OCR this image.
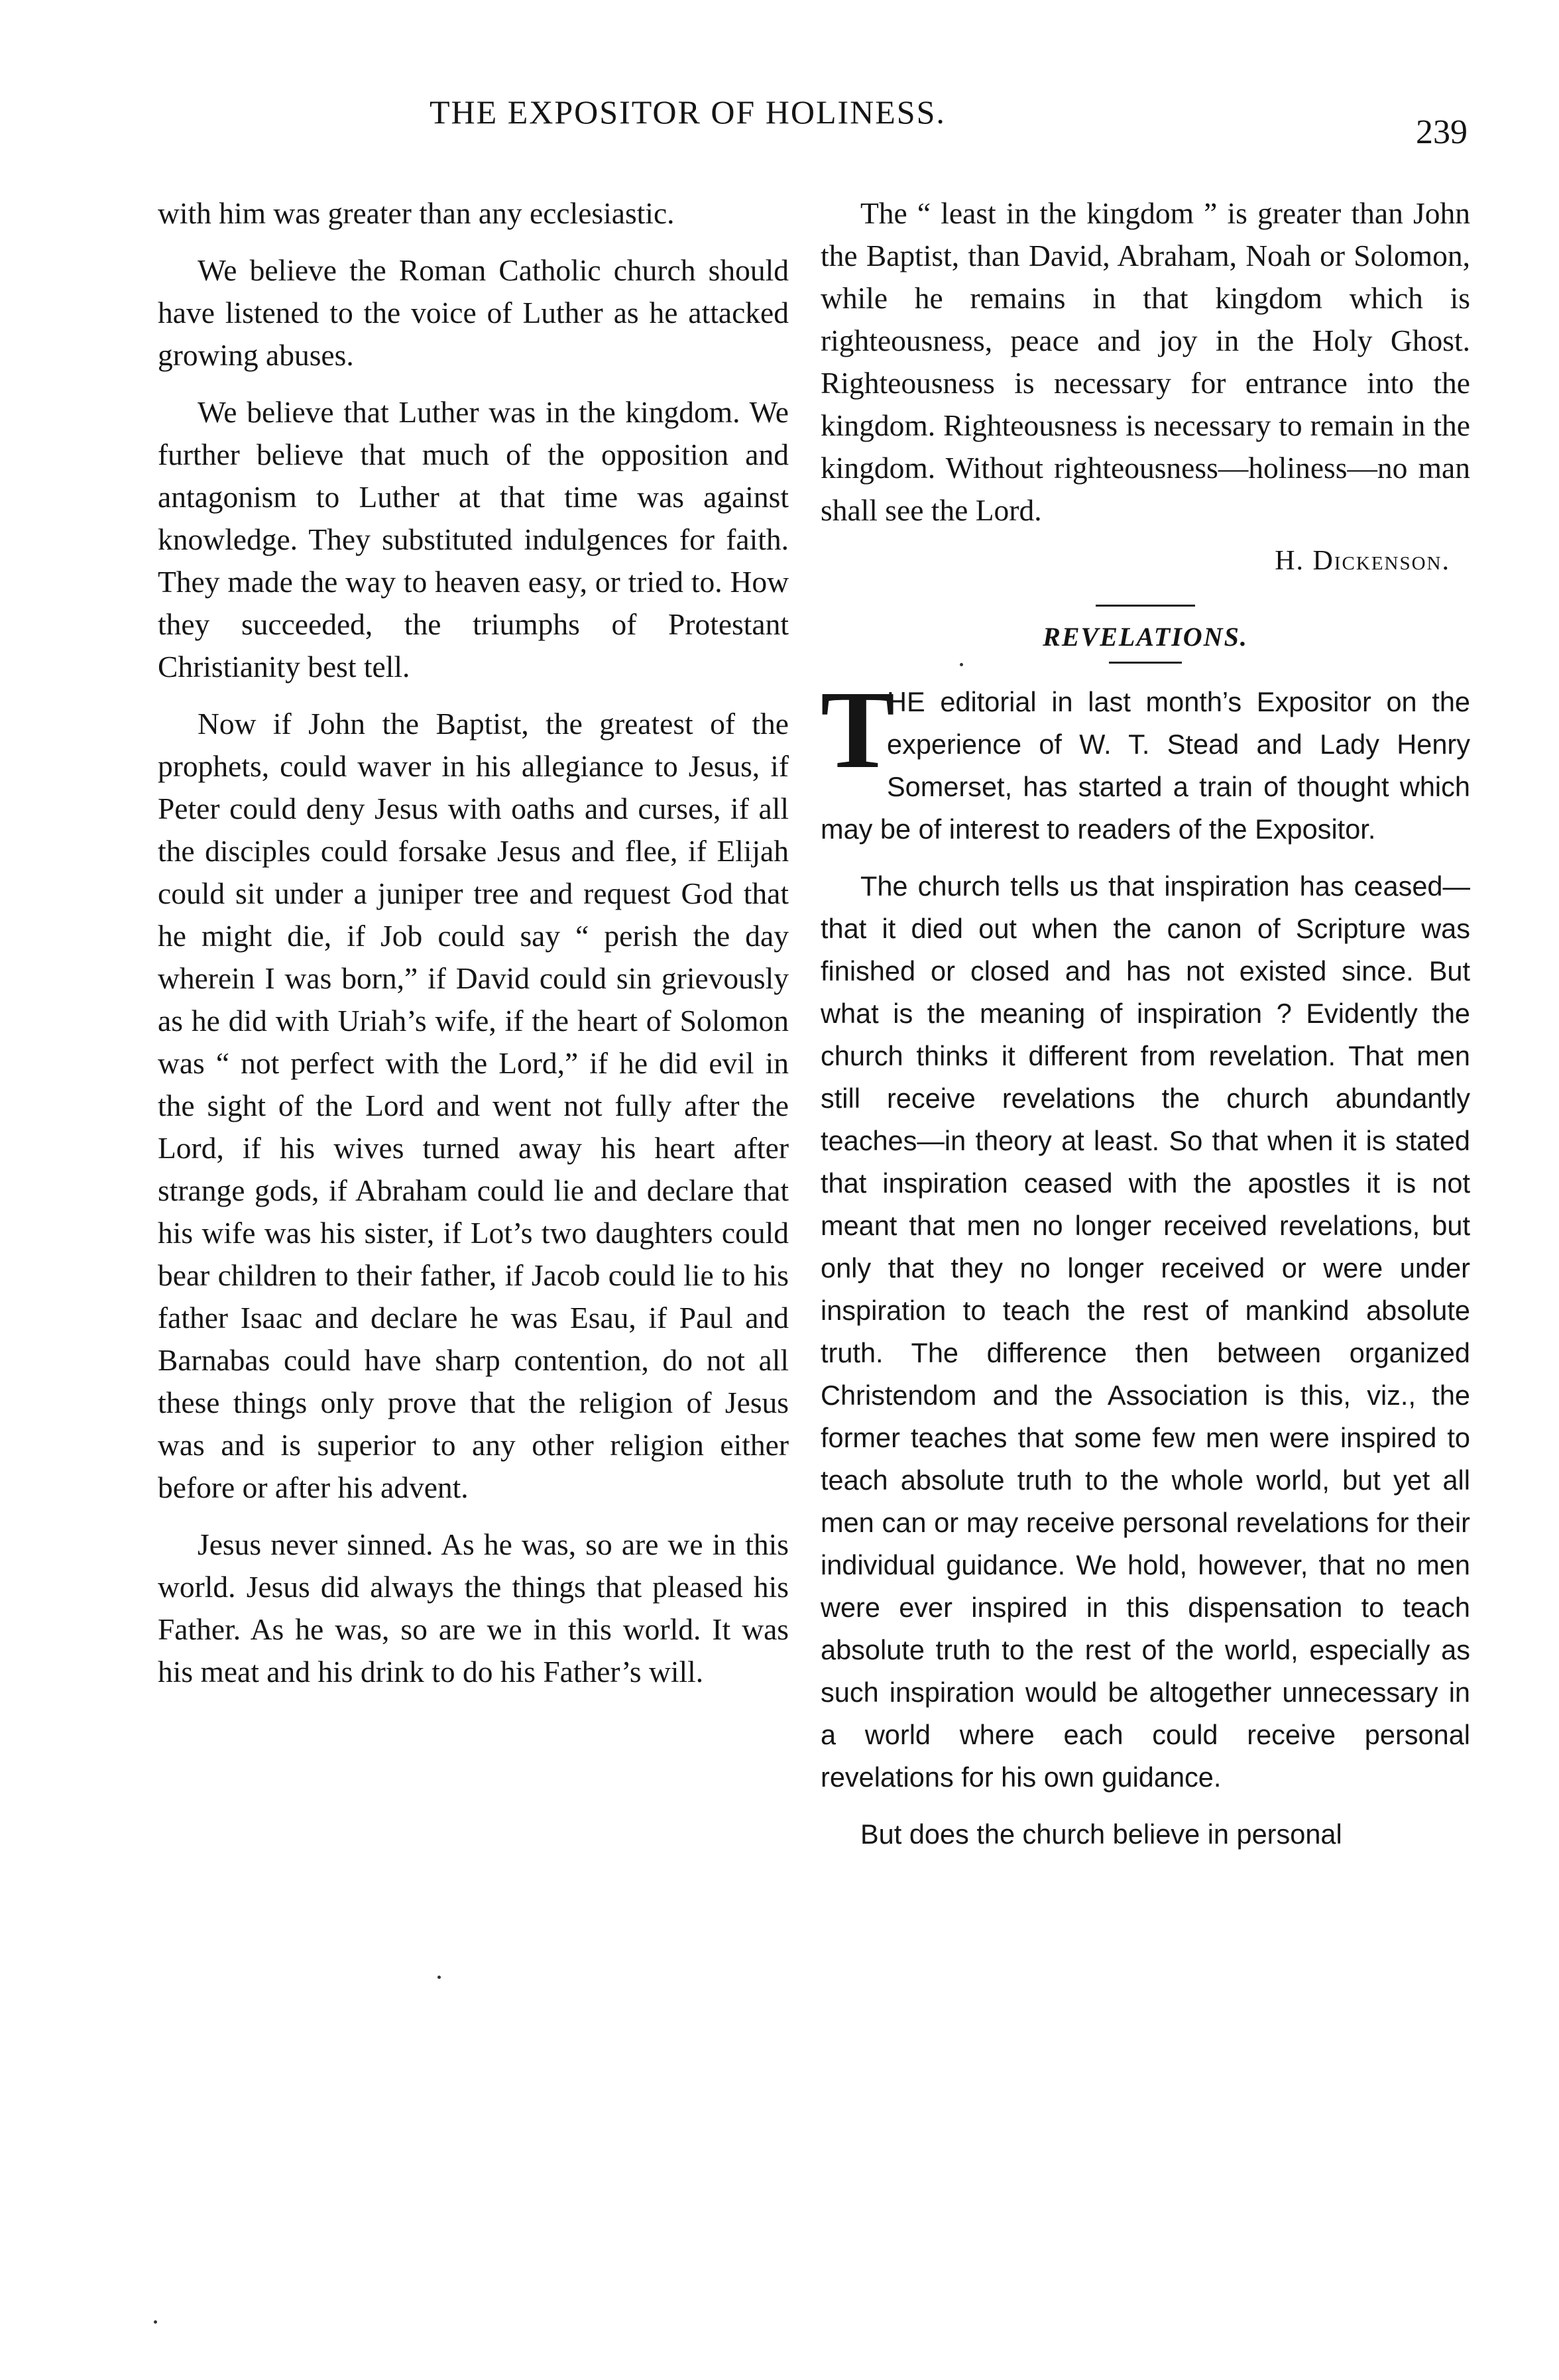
THE EXPOSITOR OF HOLINESS.
239

with him was greater than any ecclesiastic.

We believe the Roman Catholic church should have listened to the voice of Luther as he attacked growing abuses.

We believe that Luther was in the kingdom. We further believe that much of the opposition and antagonism to Luther at that time was against knowledge. They substituted indulgences for faith. They made the way to heaven easy, or tried to. How they succeeded, the triumphs of Protestant Christianity best tell.

Now if John the Baptist, the greatest of the prophets, could waver in his allegiance to Jesus, if Peter could deny Jesus with oaths and curses, if all the disciples could forsake Jesus and flee, if Elijah could sit under a juniper tree and request God that he might die, if Job could say “ perish the day wherein I was born,” if David could sin grievously as he did with Uriah’s wife, if the heart of Solomon was “ not perfect with the Lord,” if he did evil in the sight of the Lord and went not fully after the Lord, if his wives turned away his heart after strange gods, if Abraham could lie and declare that his wife was his sister, if Lot’s two daughters could bear children to their father, if Jacob could lie to his father Isaac and declare he was Esau, if Paul and Barnabas could have sharp contention, do not all these things only prove that the religion of Jesus was and is superior to any other religion either before or after his advent.

Jesus never sinned. As he was, so are we in this world. Jesus did always the things that pleased his Father. As he was, so are we in this world. It was his meat and his drink to do his Father’s will.

The “ least in the kingdom ” is greater than John the Baptist, than David, Abraham, Noah or Solomon, while he remains in that kingdom which is righteousness, peace and joy in the Holy Ghost. Righteousness is necessary for entrance into the kingdom. Righteousness is necessary to remain in the kingdom. Without righteousness—holiness—no man shall see the Lord.

H. Dickenson.
REVELATIONS.

T
HE editorial in last month’s Expositor on the experience of W. T. Stead and Lady Henry Somerset, has started a train of thought which may be of interest to readers of the Expositor.

The church tells us that inspiration has ceased—that it died out when the canon of Scripture was finished or closed and has not existed since. But what is the meaning of inspiration ? Evidently the church thinks it different from revelation. That men still receive revelations the church abundantly teaches—in theory at least. So that when it is stated that inspiration ceased with the apostles it is not meant that men no longer received revelations, but only that they no longer received or were under inspiration to teach the rest of mankind absolute truth. The difference then between organized Christendom and the Association is this, viz., the former teaches that some few men were inspired to teach absolute truth to the whole world, but yet all men can or may receive personal revelations for their individual guidance. We hold, however, that no men were ever inspired in this dispensation to teach absolute truth to the rest of the world, especially as such inspiration would be altogether unnecessary in a world where each could receive personal revelations for his own guidance.

But does the church believe in personal
